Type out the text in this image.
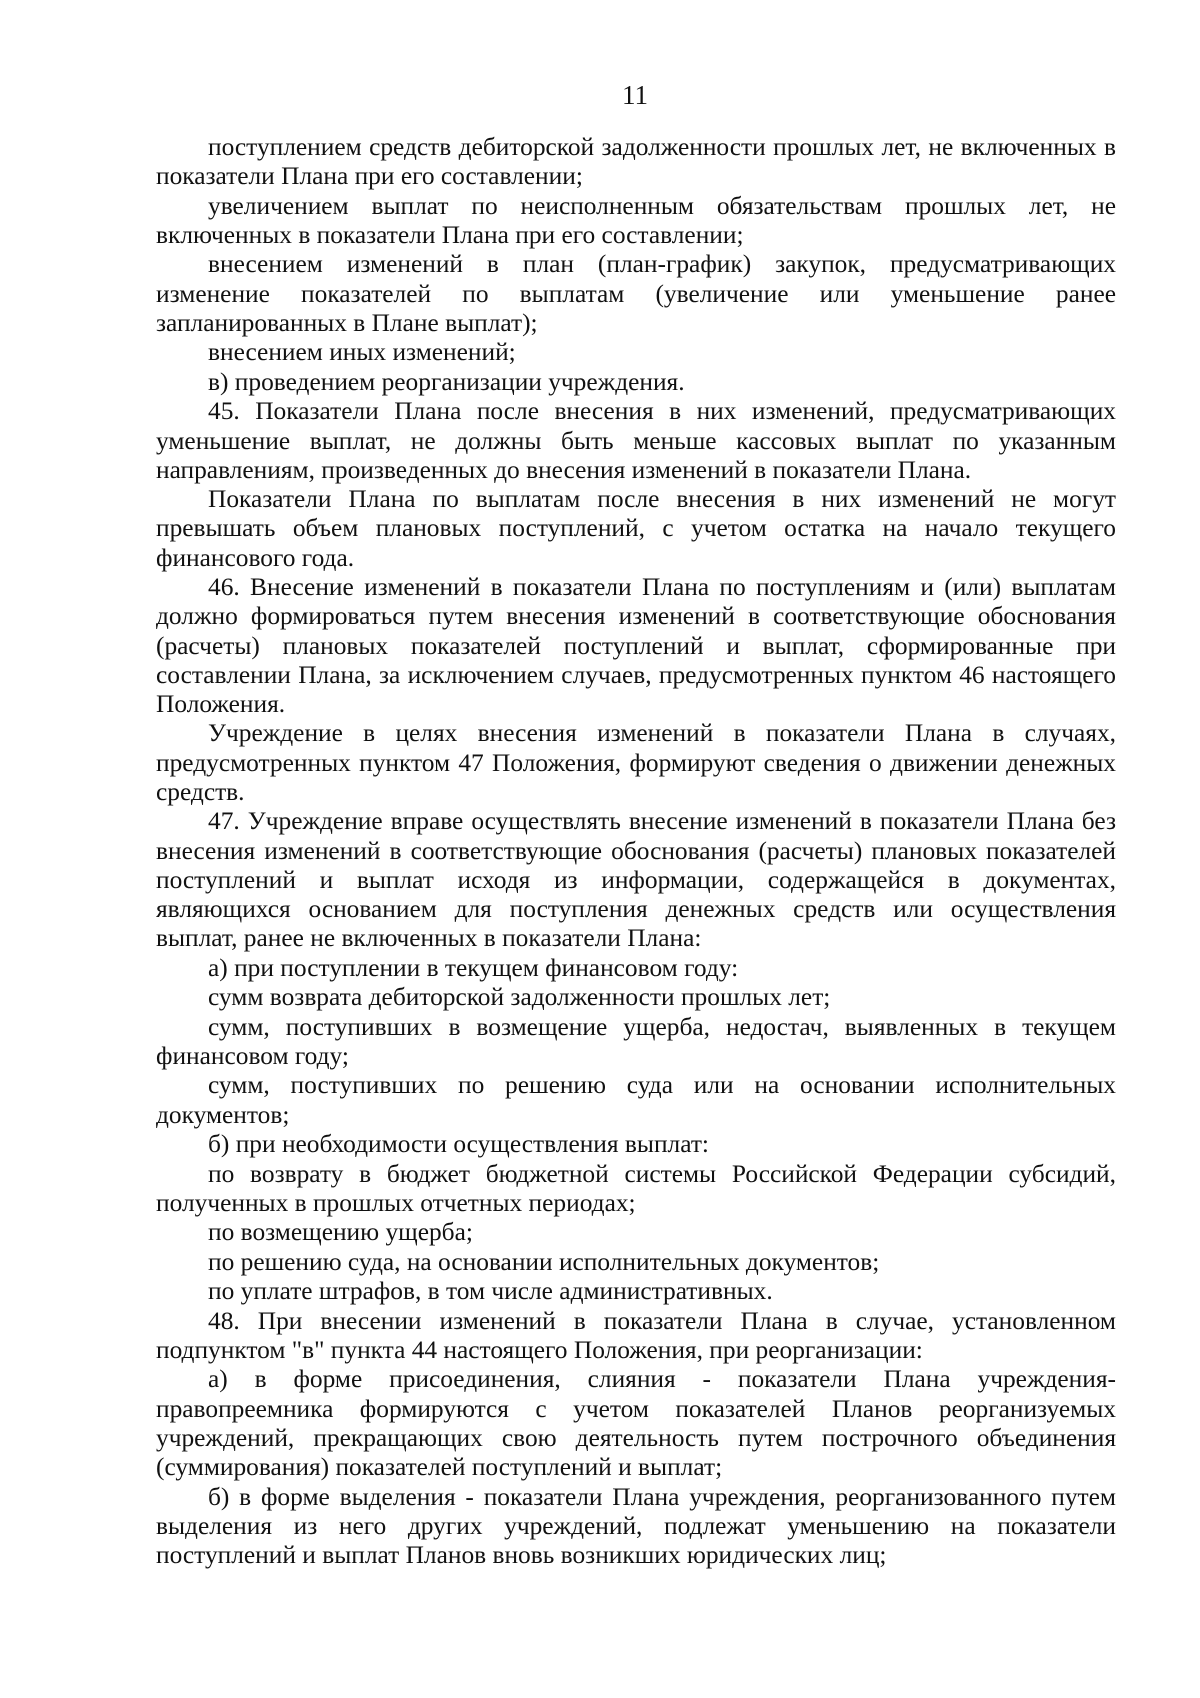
11

поступлением средств дебиторской задолженности прошлых лет, не включенных в показатели Плана при его составлении;

увеличением выплат по неисполненным обязательствам прошлых лет, не включенных в показатели Плана при его составлении;

внесением изменений в план (план-график) закупок, предусматривающих изменение показателей по выплатам (увеличение или уменьшение ранее запланированных в Плане выплат);

внесением иных изменений;

в) проведением реорганизации учреждения.

45. Показатели Плана после внесения в них изменений, предусматривающих уменьшение выплат, не должны быть меньше кассовых выплат по указанным направлениям, произведенных до внесения изменений в показатели Плана.

Показатели Плана по выплатам после внесения в них изменений не могут превышать объем плановых поступлений, с учетом остатка на начало текущего финансового года.

46. Внесение изменений в показатели Плана по поступлениям и (или) выплатам должно формироваться путем внесения изменений в соответствующие обоснования (расчеты) плановых показателей поступлений и выплат, сформированные при составлении Плана, за исключением случаев, предусмотренных пунктом 46 настоящего Положения.

Учреждение в целях внесения изменений в показатели Плана в случаях, предусмотренных пунктом 47 Положения, формируют сведения о движении денежных средств.

47. Учреждение вправе осуществлять внесение изменений в показатели Плана без внесения изменений в соответствующие обоснования (расчеты) плановых показателей поступлений и выплат исходя из информации, содержащейся в документах, являющихся основанием для поступления денежных средств или осуществления выплат, ранее не включенных в показатели Плана:

а) при поступлении в текущем финансовом году:

сумм возврата дебиторской задолженности прошлых лет;

сумм, поступивших в возмещение ущерба, недостач, выявленных в текущем финансовом году;

сумм, поступивших по решению суда или на основании исполнительных документов;

б) при необходимости осуществления выплат:

по возврату в бюджет бюджетной системы Российской Федерации субсидий, полученных в прошлых отчетных периодах;

по возмещению ущерба;

по решению суда, на основании исполнительных документов;

по уплате штрафов, в том числе административных.

48. При внесении изменений в показатели Плана в случае, установленном подпунктом "в" пункта 44 настоящего Положения, при реорганизации:

а) в форме присоединения, слияния - показатели Плана учреждения-правопреемника формируются с учетом показателей Планов реорганизуемых учреждений, прекращающих свою деятельность путем построчного объединения (суммирования) показателей поступлений и выплат;

б) в форме выделения - показатели Плана учреждения, реорганизованного путем выделения из него других учреждений, подлежат уменьшению на показатели поступлений и выплат Планов вновь возникших юридических лиц;
